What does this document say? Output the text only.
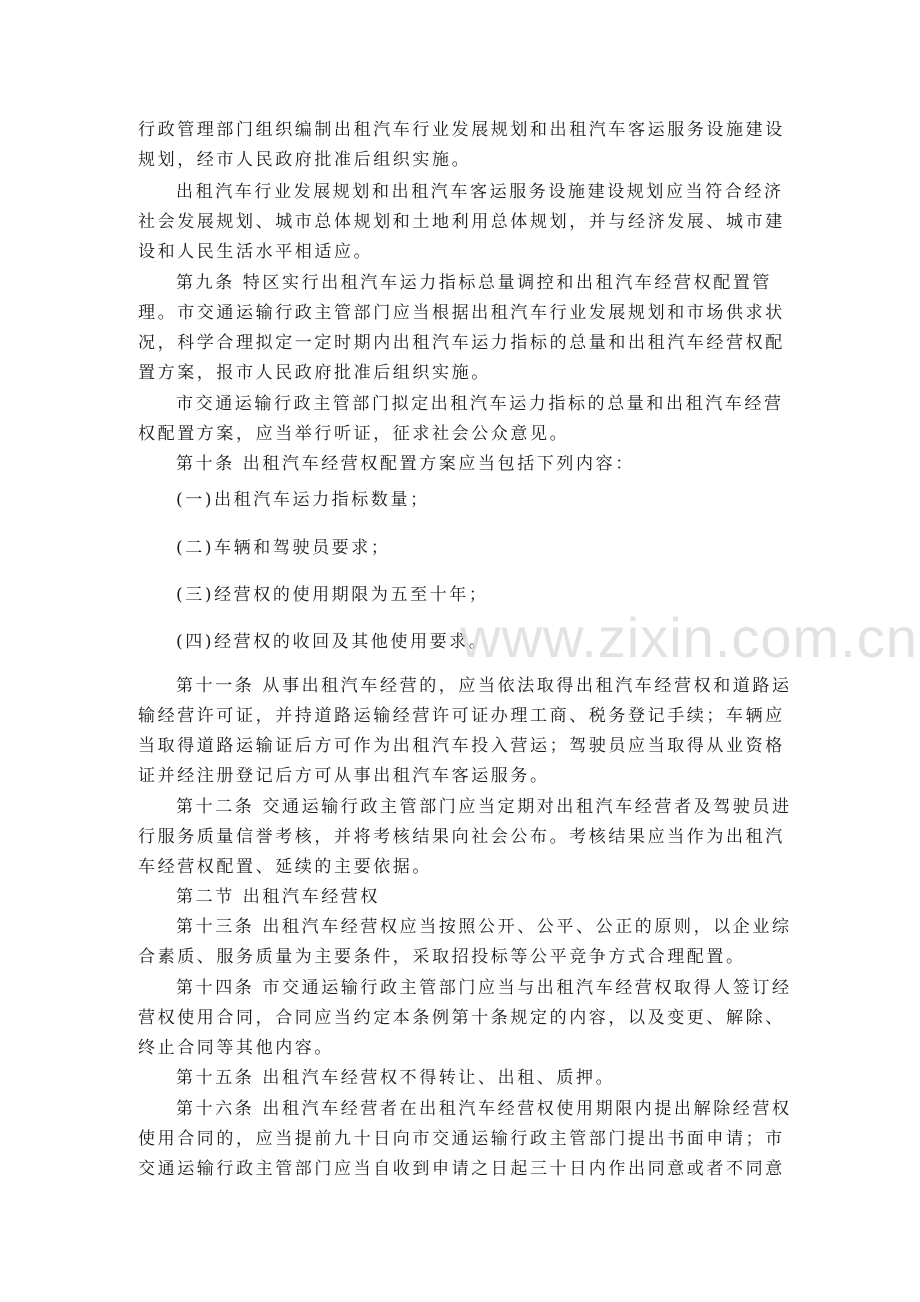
行政管理部门组织编制出租汽车行业发展规划和出租汽车客运服务设施建设
规划，经市人民政府批准后组织实施。
出租汽车行业发展规划和出租汽车客运服务设施建设规划应当符合经济
社会发展规划、城市总体规划和土地利用总体规划，并与经济发展、城市建
设和人民生活水平相适应。
第九条 特区实行出租汽车运力指标总量调控和出租汽车经营权配置管
理。市交通运输行政主管部门应当根据出租汽车行业发展规划和市场供求状
况，科学合理拟定一定时期内出租汽车运力指标的总量和出租汽车经营权配
置方案，报市人民政府批准后组织实施。
市交通运输行政主管部门拟定出租汽车运力指标的总量和出租汽车经营
权配置方案，应当举行听证，征求社会公众意见。
第十条 出租汽车经营权配置方案应当包括下列内容：
(一)出租汽车运力指标数量；
(二)车辆和驾驶员要求；
(三)经营权的使用期限为五至十年；
(四)经营权的收回及其他使用要求。
第十一条 从事出租汽车经营的，应当依法取得出租汽车经营权和道路运
输经营许可证，并持道路运输经营许可证办理工商、税务登记手续；车辆应
当取得道路运输证后方可作为出租汽车投入营运；驾驶员应当取得从业资格
证并经注册登记后方可从事出租汽车客运服务。
第十二条 交通运输行政主管部门应当定期对出租汽车经营者及驾驶员进
行服务质量信誉考核，并将考核结果向社会公布。考核结果应当作为出租汽
车经营权配置、延续的主要依据。
第二节 出租汽车经营权
第十三条 出租汽车经营权应当按照公开、公平、公正的原则，以企业综
合素质、服务质量为主要条件，采取招投标等公平竞争方式合理配置。
第十四条 市交通运输行政主管部门应当与出租汽车经营权取得人签订经
营权使用合同，合同应当约定本条例第十条规定的内容，以及变更、解除、
终止合同等其他内容。
第十五条 出租汽车经营权不得转让、出租、质押。
第十六条 出租汽车经营者在出租汽车经营权使用期限内提出解除经营权
使用合同的，应当提前九十日向市交通运输行政主管部门提出书面申请；市
交通运输行政主管部门应当自收到申请之日起三十日内作出同意或者不同意
www.zixin.com.cn
